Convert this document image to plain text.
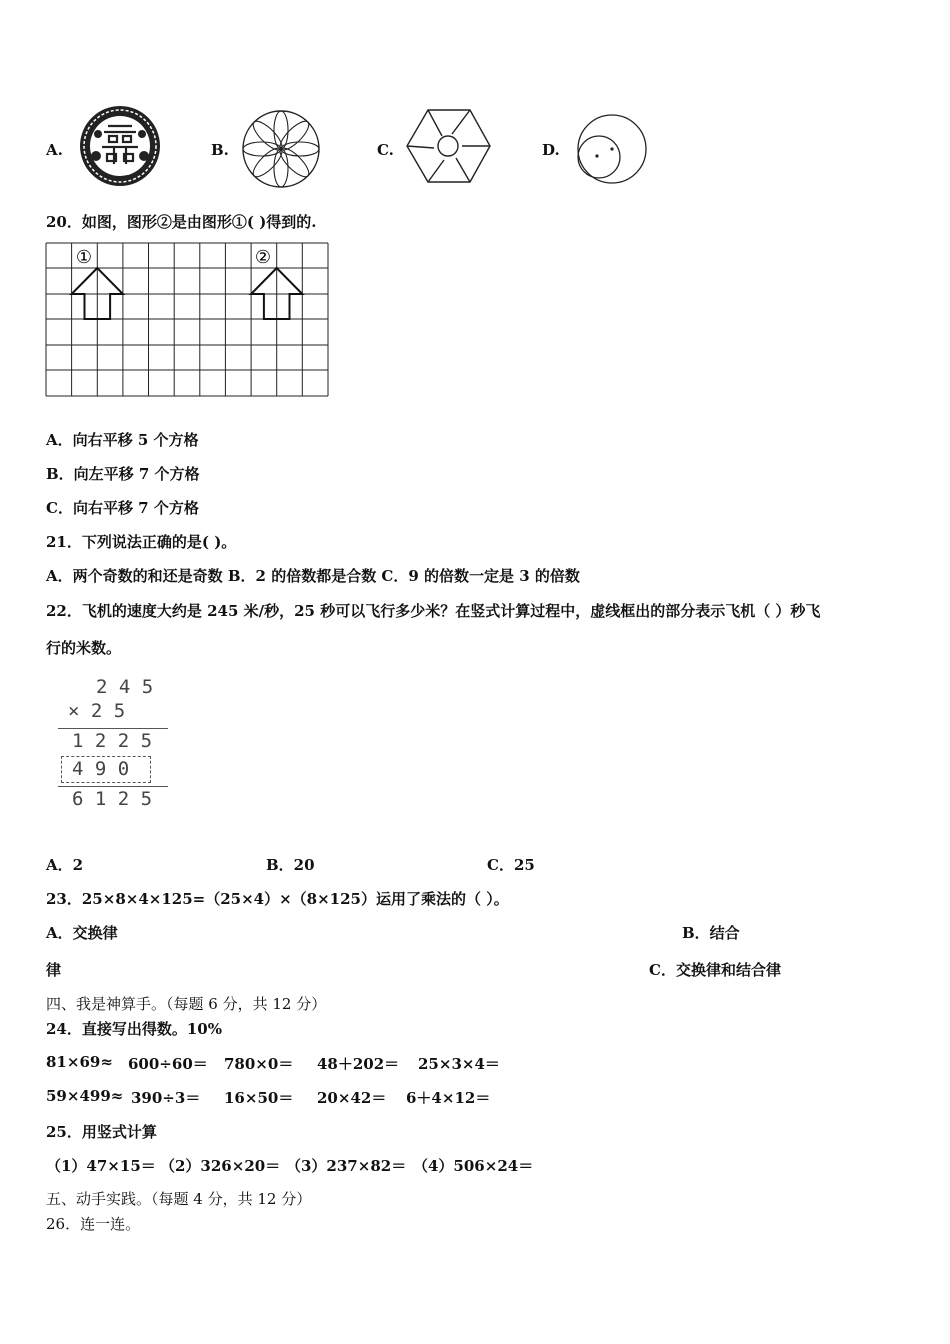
A.	B.	C.	D.
20．如图，图形②是由图形①( )得到的.
①	②
A．向右平移 5 个方格
B．向左平移 7 个方格
C．向右平移 7 个方格
21．下列说法正确的是( )。
A．两个奇数的和还是奇数 B．2 的倍数都是合数 C．9 的倍数一定是 3 的倍数
22．飞机的速度大约是 245 米/秒，25 秒可以飞行多少米？在竖式计算过程中，虚线框出的部分表示飞机（ ）秒飞
行的米数。
2 4 5
× 2 5
1 2 2 5
4 9 0
6 1 2 5
A．2	B．20	C．25
23．25×8×4×125=（25×4）×（8×125）运用了乘法的（ ）。
A．交换律	B．结合
律	C．交换律和结合律
四、我是神算手。（每题 6 分，共 12 分）
24．直接写出得数。10%
81×69≈ 600÷60＝ 780×0＝ 48＋202＝ 25×3×4＝
59×499≈ 390÷3＝ 16×50＝ 20×42＝ 6＋4×12＝
25．用竖式计算
（1）47×15＝ （2）326×20＝ （3）237×82＝ （4）506×24＝
五、动手实践。（每题 4 分，共 12 分）
26．连一连。
